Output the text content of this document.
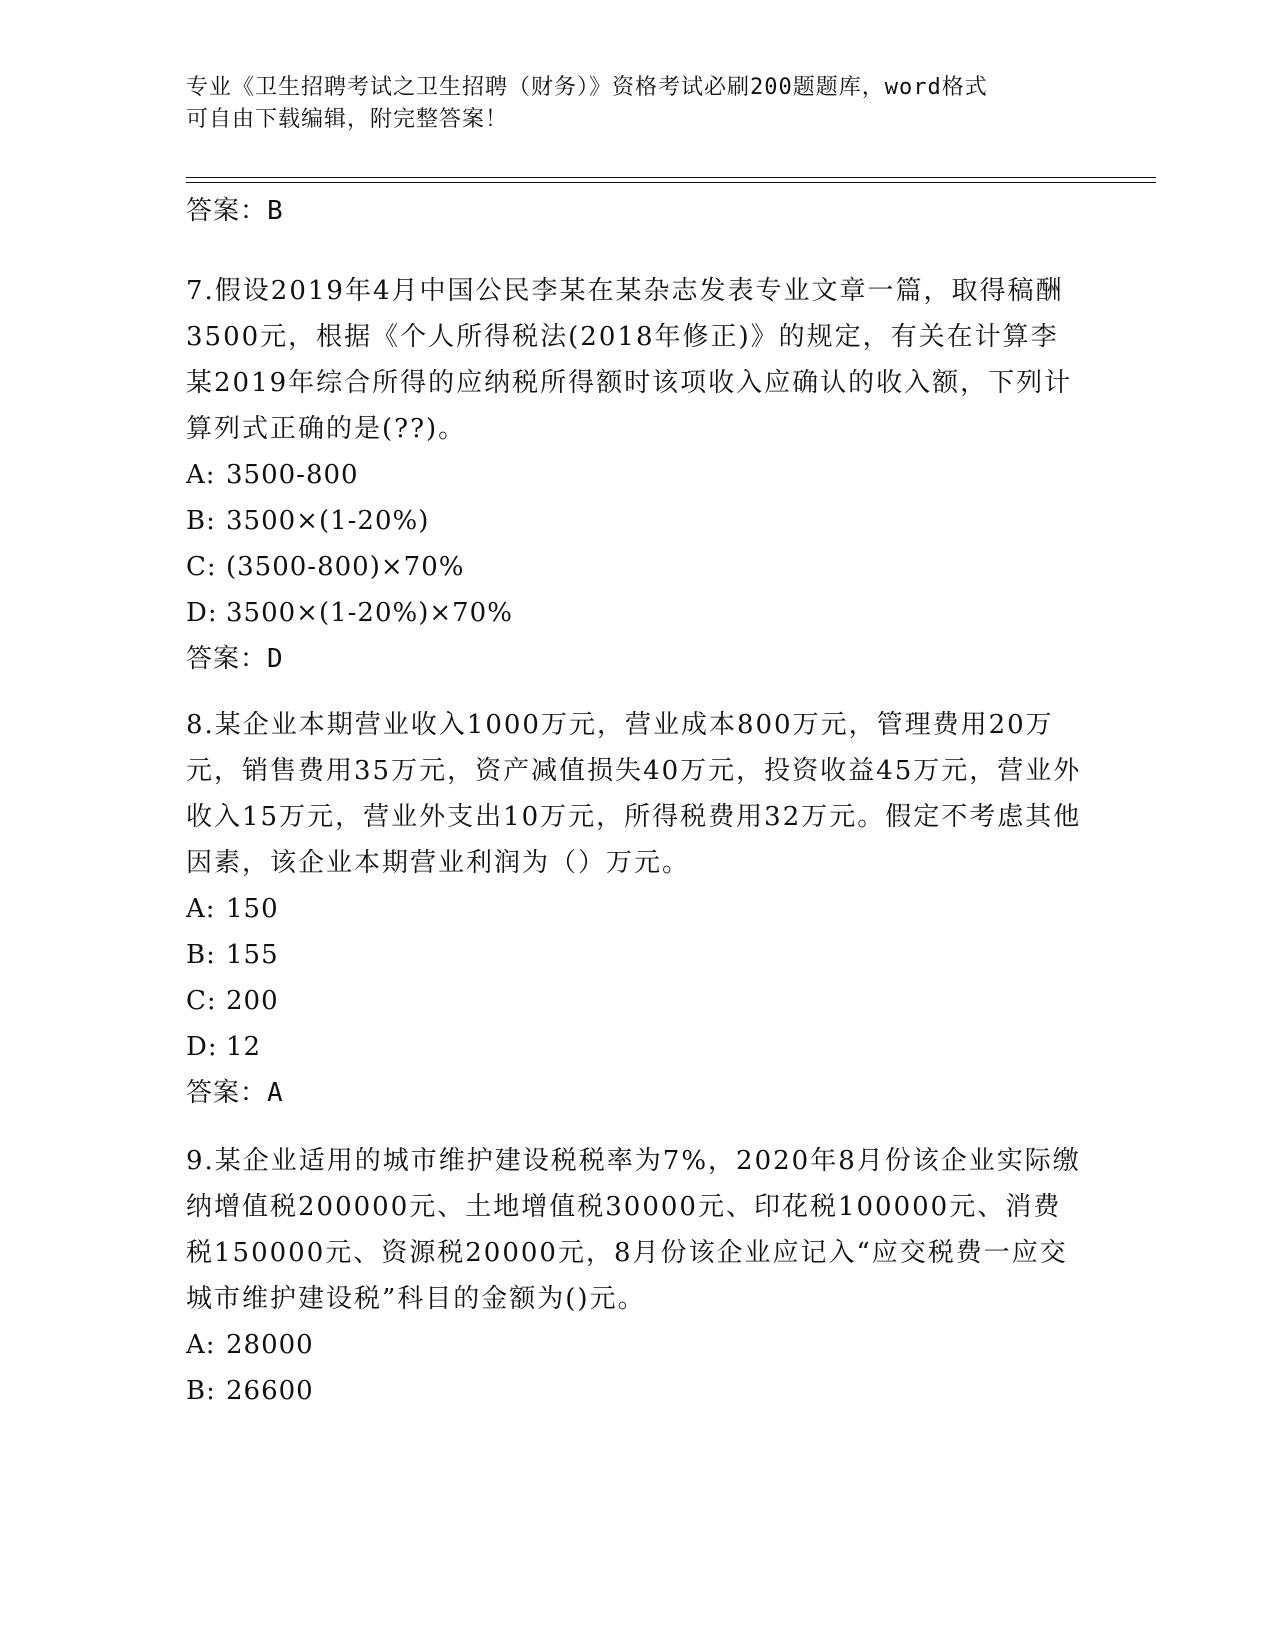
专业《卫生招聘考试之卫生招聘（财务）》资格考试必刷200题题库，word格式
可自由下载编辑，附完整答案！
答案：B

7.假设2019年4月中国公民李某在某杂志发表专业文章一篇，取得稿酬3500元，根据《个人所得税法(2018年修正)》的规定，有关在计算李某2019年综合所得的应纳税所得额时该项收入应确认的收入额，下列计算列式正确的是(??)。

A: 3500-800
B: 3500×(1-20%)
C: (3500-800)×70%
D: 3500×(1-20%)×70%
答案：D

8.某企业本期营业收入1000万元，营业成本800万元，管理费用20万元，销售费用35万元，资产减值损失40万元，投资收益45万元，营业外收入15万元，营业外支出10万元，所得税费用32万元。假定不考虑其他因素，该企业本期营业利润为（）万元。

A: 150
B: 155
C: 200
D: 12
答案：A

9.某企业适用的城市维护建设税税率为7%，2020年8月份该企业实际缴纳增值税200000元、土地增值税30000元、印花税100000元、消费税150000元、资源税20000元，8月份该企业应记入“应交税费一应交城市维护建设税”科目的金额为()元。

A: 28000
B: 26600
